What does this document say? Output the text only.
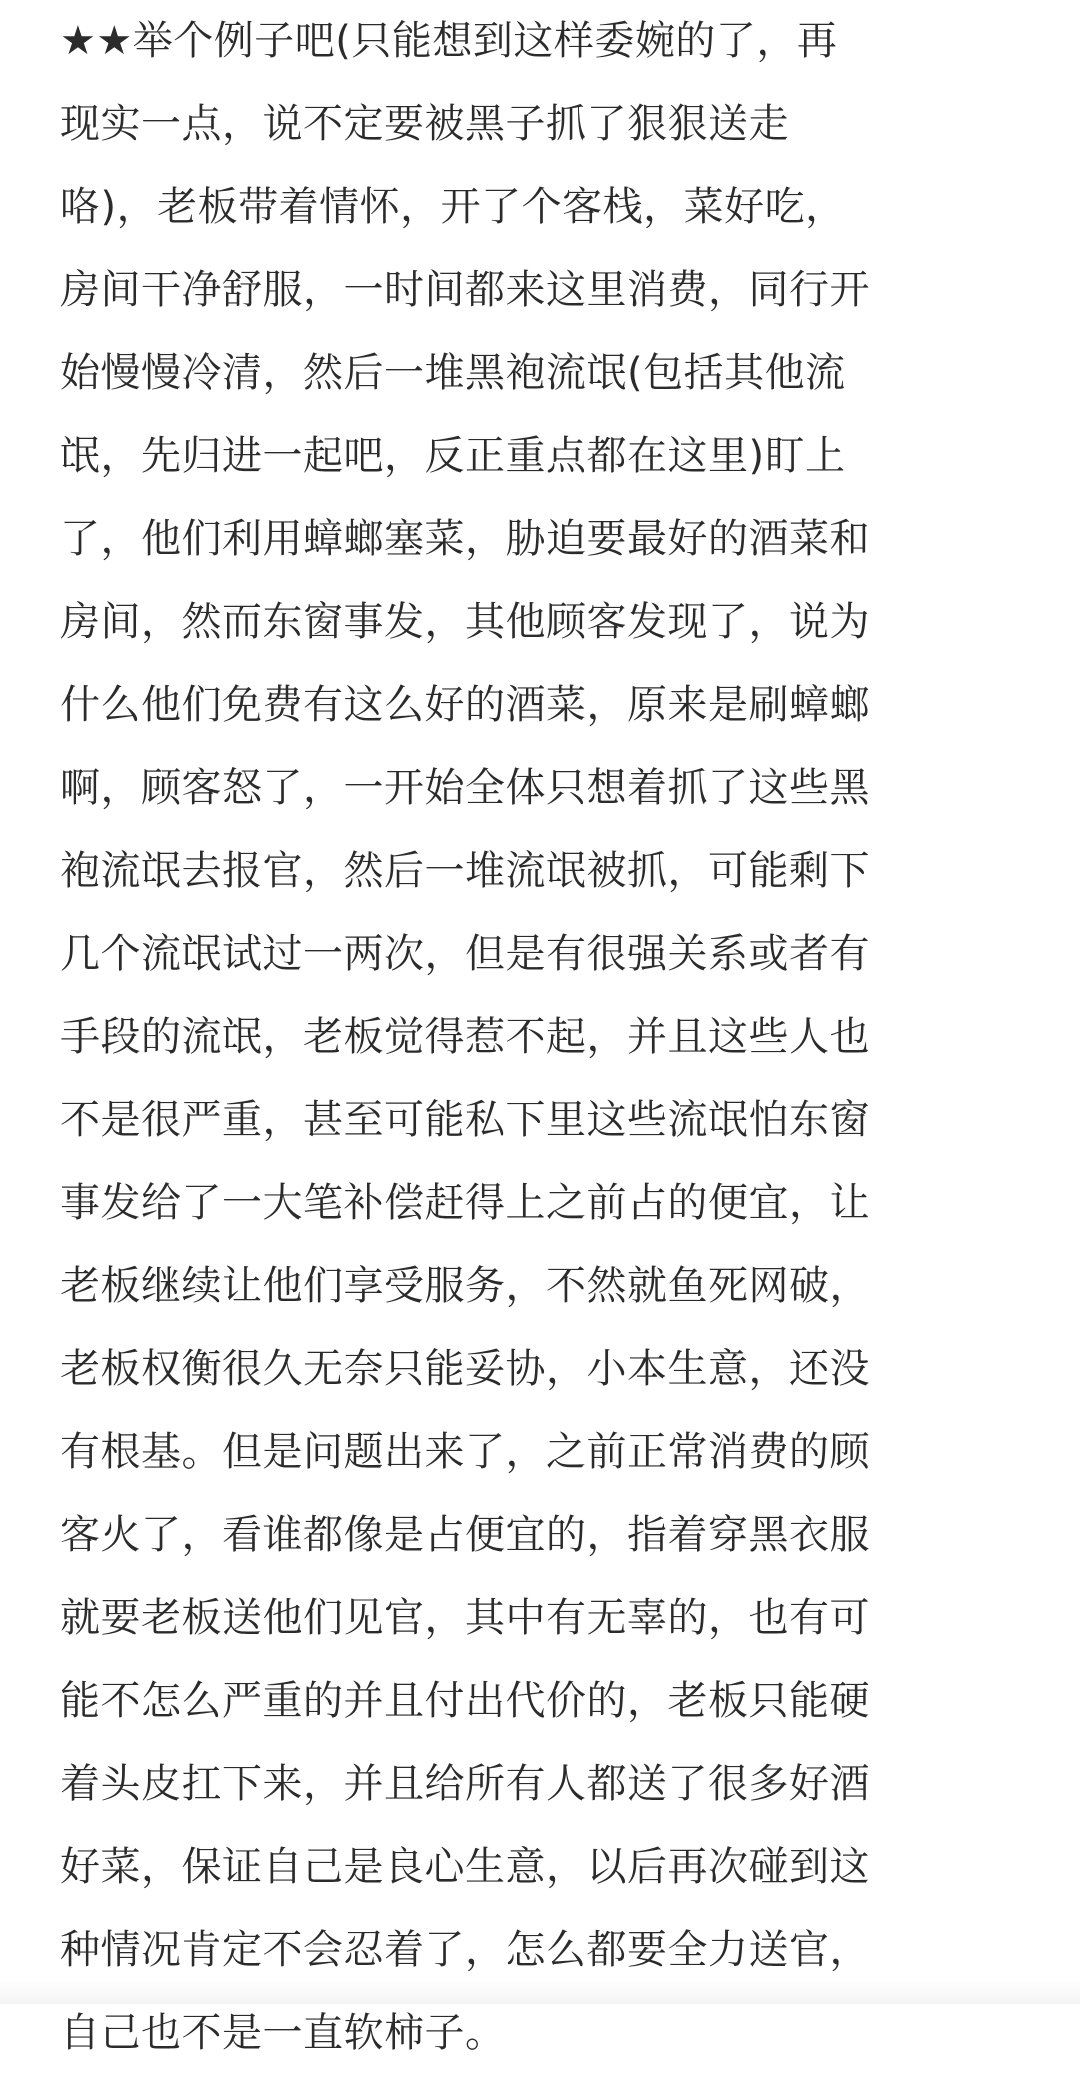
★★举个例子吧(只能想到这样委婉的了，再
现实一点，说不定要被黑子抓了狠狠送走
咯)，老板带着情怀，开了个客栈，菜好吃，
房间干净舒服，一时间都来这里消费，同行开
始慢慢冷清，然后一堆黑袍流氓(包括其他流
氓，先归进一起吧，反正重点都在这里)盯上
了，他们利用蟑螂塞菜，胁迫要最好的酒菜和
房间，然而东窗事发，其他顾客发现了，说为
什么他们免费有这么好的酒菜，原来是刷蟑螂
啊，顾客怒了，一开始全体只想着抓了这些黑
袍流氓去报官，然后一堆流氓被抓，可能剩下
几个流氓试过一两次，但是有很强关系或者有
手段的流氓，老板觉得惹不起，并且这些人也
不是很严重，甚至可能私下里这些流氓怕东窗
事发给了一大笔补偿赶得上之前占的便宜，让
老板继续让他们享受服务，不然就鱼死网破，
老板权衡很久无奈只能妥协，小本生意，还没
有根基。但是问题出来了，之前正常消费的顾
客火了，看谁都像是占便宜的，指着穿黑衣服
就要老板送他们见官，其中有无辜的，也有可
能不怎么严重的并且付出代价的，老板只能硬
着头皮扛下来，并且给所有人都送了很多好酒
好菜，保证自己是良心生意，以后再次碰到这
种情况肯定不会忍着了，怎么都要全力送官，
自己也不是一直软柿子。
